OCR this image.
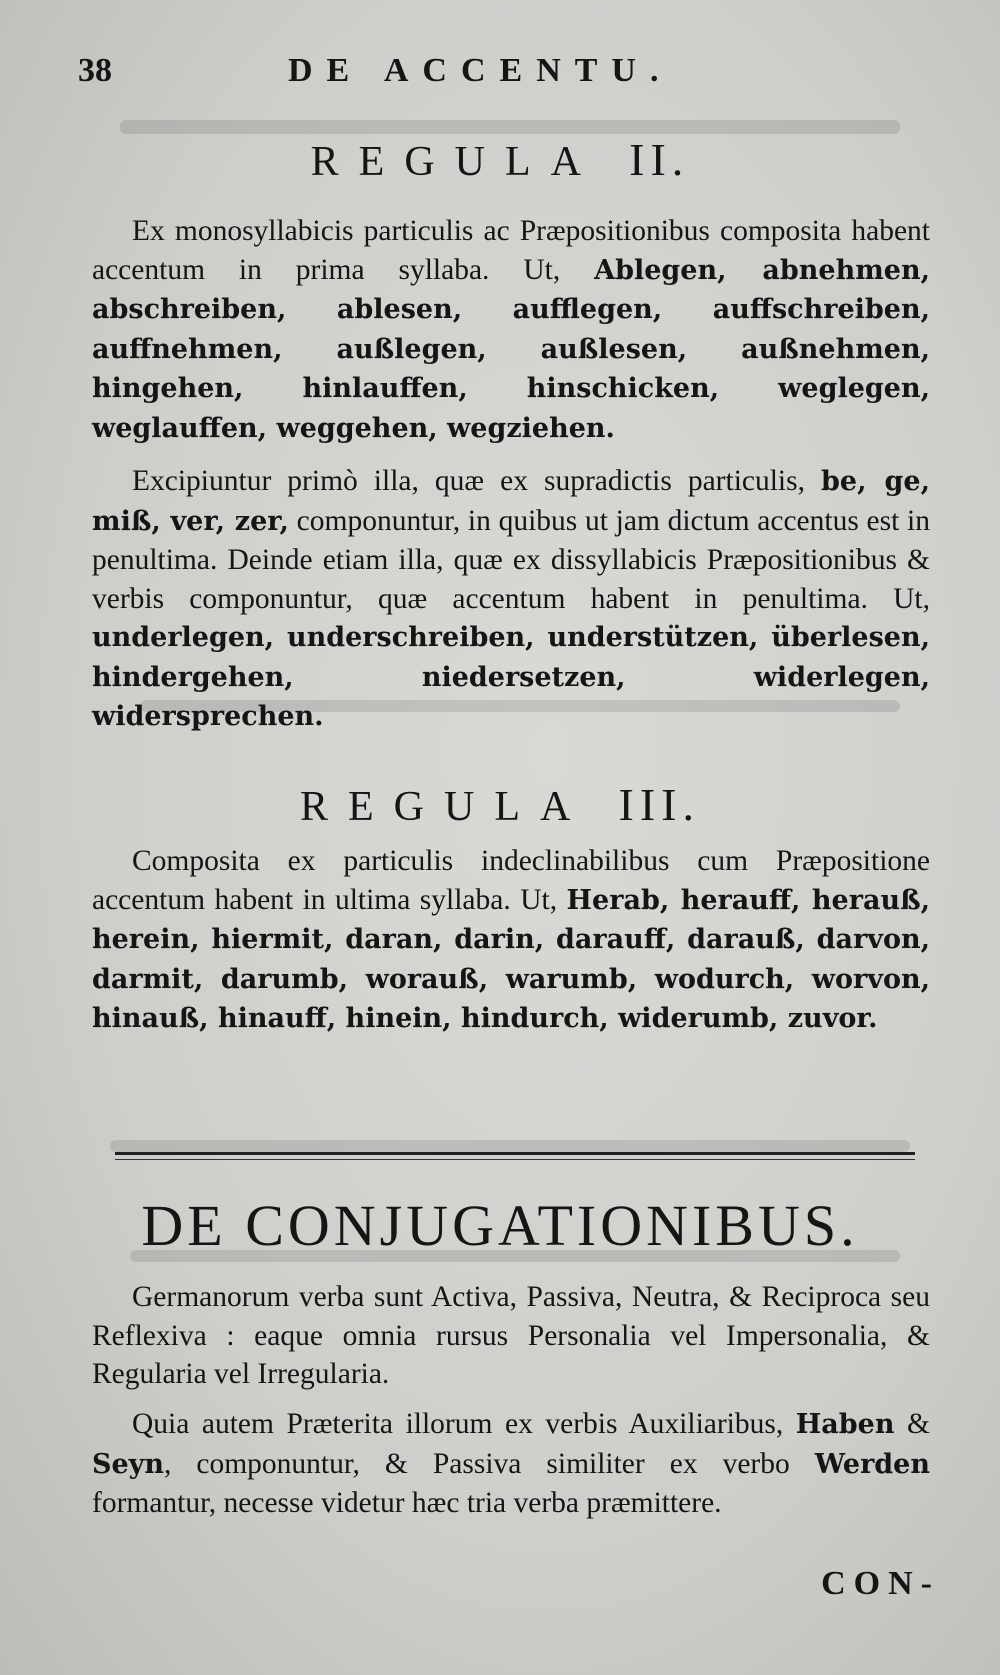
38	DE ACCENTU.
REGULA II.
Ex monosyllabicis particulis ac Præpositionibus composita habent accentum in prima syllaba. Ut, Ablegen, abnehmen, abschreiben, ablesen, aufflegen, auffschreiben, auffnehmen, außlegen, außlesen, außnehmen, hingehen, hinlauffen, hinschicken, weglegen, weglauffen, weggehen, wegziehen.
Excipiuntur primò illa, quæ ex supradictis particulis, be, ge, miß, ver, zer, componuntur, in quibus ut jam dictum accentus est in penultima. Deinde etiam illa, quæ ex dissyllabicis Præpositionibus & verbis componuntur, quæ accentum habent in penultima. Ut, underlegen, underschreiben, understützen, überlesen, hindergehen, niedersetzen, widerlegen, widersprechen.
REGULA III.
Composita ex particulis indeclinabilibus cum Præpositione accentum habent in ultima syllaba. Ut, Herab, herauff, herauß, herein, hiermit, daran, darin, darauff, darauß, darvon, darmit, darumb, worauß, warumb, wodurch, worvon, hinauß, hinauff, hinein, hindurch, widerumb, zuvor.
DE CONJUGATIONIBUS.
Germanorum verba sunt Activa, Passiva, Neutra, & Reciproca seu Reflexiva : eaque omnia rursus Personalia vel Impersonalia, & Regularia vel Irregularia.
Quia autem Præterita illorum ex verbis Auxiliaribus, Haben & Seyn, componuntur, & Passiva similiter ex verbo Werden formantur, necesse videtur hæc tria verba præmittere.
CON-
